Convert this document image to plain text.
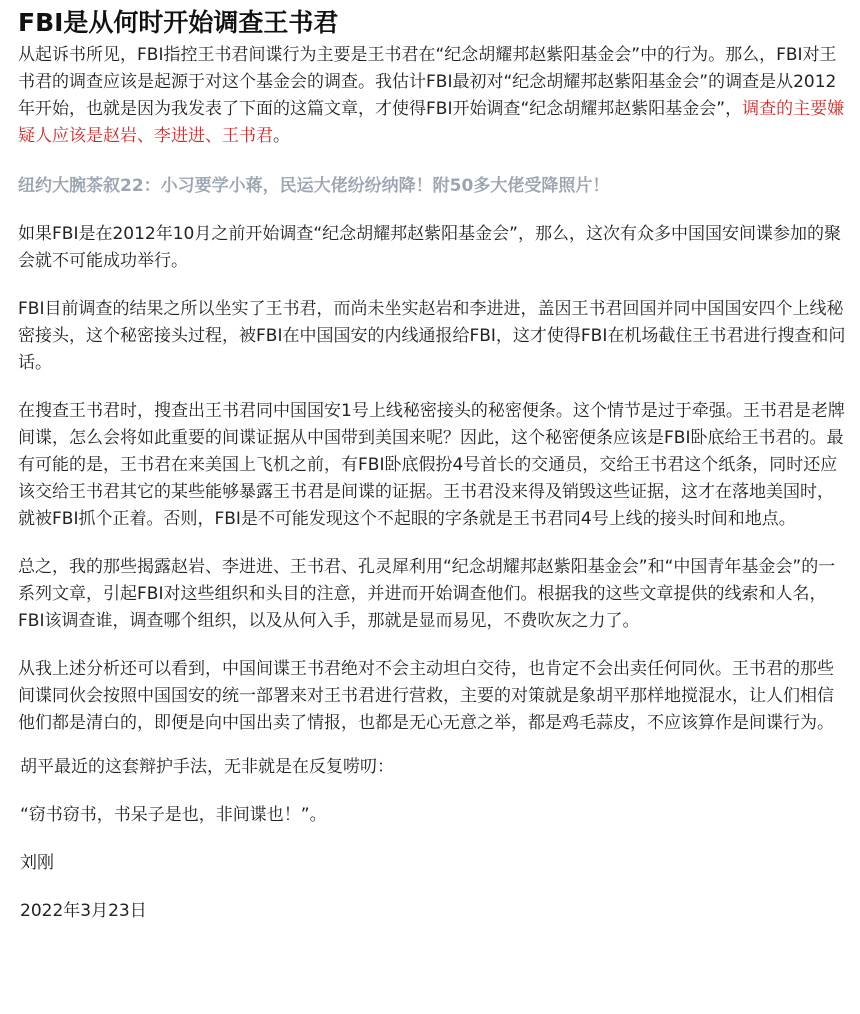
FBI是从何时开始调查王书君

从起诉书所见，FBI指控王书君间谍行为主要是王书君在“纪念胡耀邦赵紫阳基金会”中的行为。那么，FBI对王书君的调查应该是起源于对这个基金会的调查。我估计FBI最初对“纪念胡耀邦赵紫阳基金会”的调查是从2012年开始，也就是因为我发表了下面的这篇文章，才使得FBI开始调查“纪念胡耀邦赵紫阳基金会”，调查的主要嫌疑人应该是赵岩、李进进、王书君。

纽约大腕茶叙22：小习要学小蒋，民运大佬纷纷纳降！附50多大佬受降照片！

如果FBI是在2012年10月之前开始调查“纪念胡耀邦赵紫阳基金会”，那么，这次有众多中国国安间谍参加的聚会就不可能成功举行。

FBI目前调查的结果之所以坐实了王书君，而尚未坐实赵岩和李进进，盖因王书君回国并同中国国安四个上线秘密接头，这个秘密接头过程，被FBI在中国国安的内线通报给FBI，这才使得FBI在机场截住王书君进行搜查和问话。

在搜查王书君时，搜查出王书君同中国国安1号上线秘密接头的秘密便条。这个情节是过于牵强。王书君是老牌间谍，怎么会将如此重要的间谍证据从中国带到美国来呢？因此，这个秘密便条应该是FBI卧底给王书君的。最有可能的是，王书君在来美国上飞机之前，有FBI卧底假扮4号首长的交通员，交给王书君这个纸条，同时还应该交给王书君其它的某些能够暴露王书君是间谍的证据。王书君没来得及销毁这些证据，这才在落地美国时，就被FBI抓个正着。否则，FBI是不可能发现这个不起眼的字条就是王书君同4号上线的接头时间和地点。

总之，我的那些揭露赵岩、李进进、王书君、孔灵犀利用“纪念胡耀邦赵紫阳基金会”和“中国青年基金会”的一系列文章，引起FBI对这些组织和头目的注意，并进而开始调查他们。根据我的这些文章提供的线索和人名，FBI该调查谁，调查哪个组织，以及从何入手，那就是显而易见，不费吹灰之力了。

从我上述分析还可以看到，中国间谍王书君绝对不会主动坦白交待，也肯定不会出卖任何同伙。王书君的那些间谍同伙会按照中国国安的统一部署来对王书君进行营救，主要的对策就是象胡平那样地搅混水，让人们相信他们都是清白的，即便是向中国出卖了情报，也都是无心无意之举，都是鸡毛蒜皮，不应该算作是间谍行为。

胡平最近的这套辩护手法，无非就是在反复唠叨：

“窃书窃书，书呆子是也，非间谍也！”。

刘刚

2022年3月23日
